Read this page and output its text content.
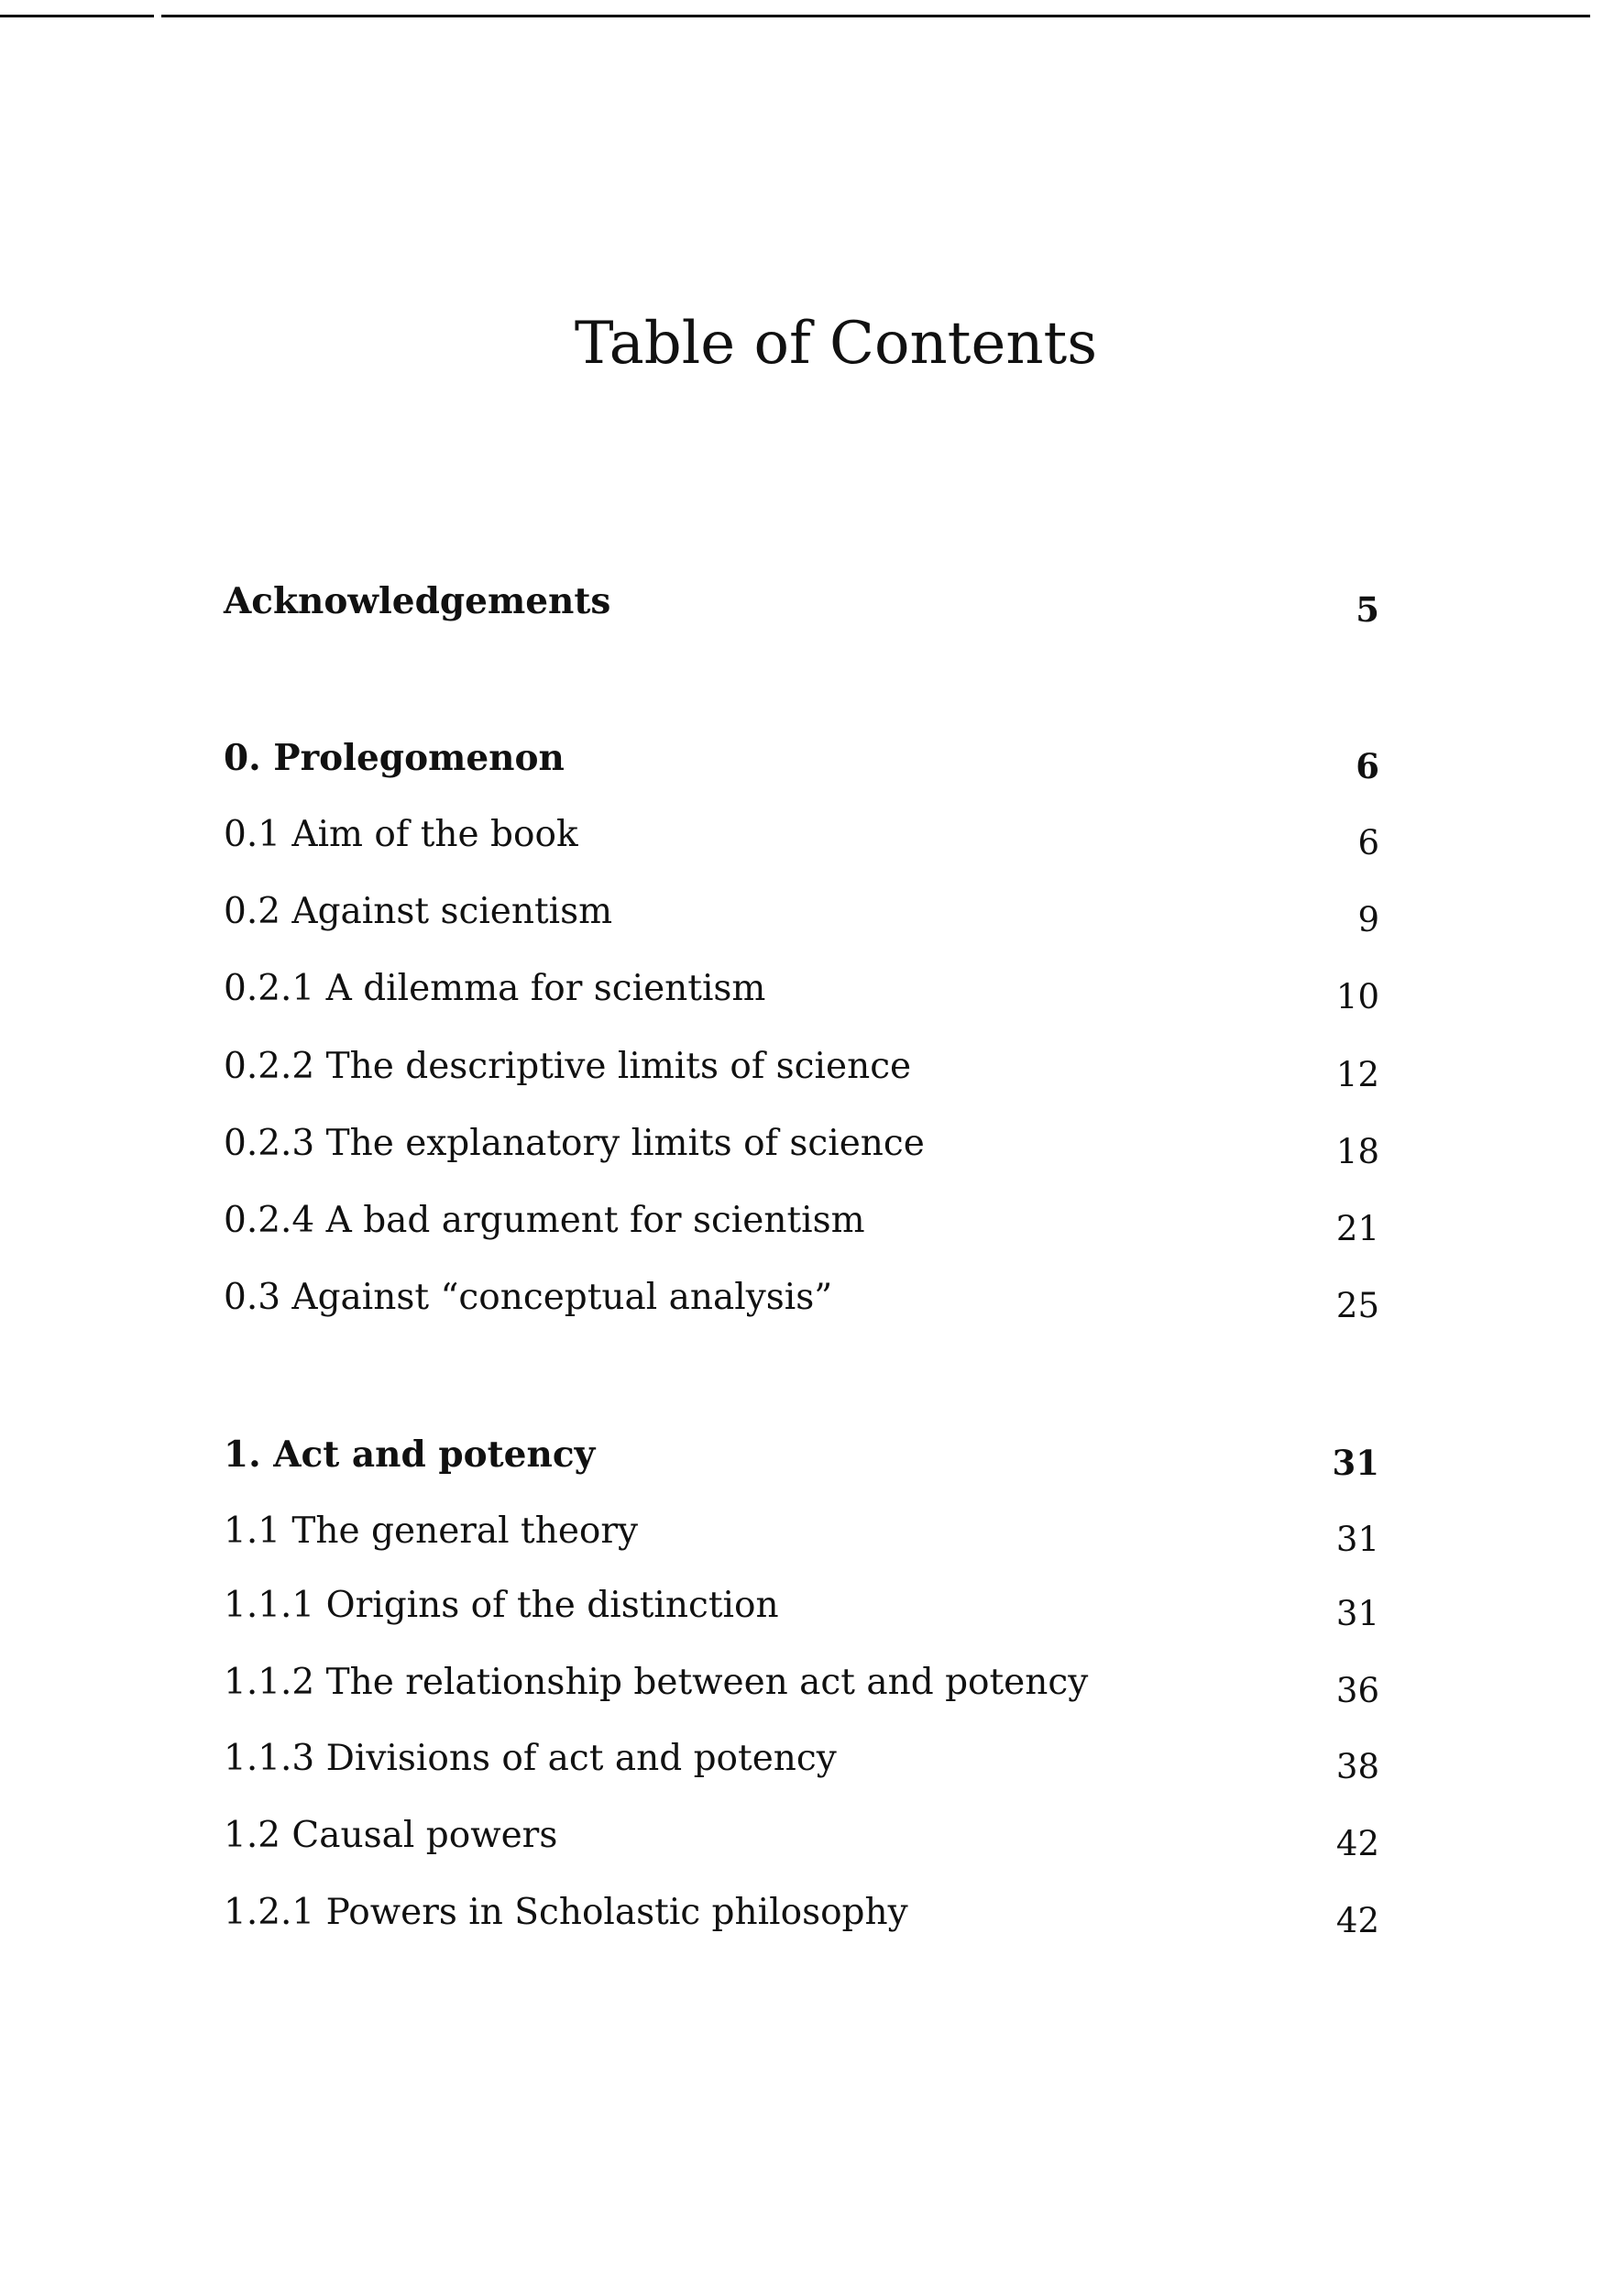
Table of Contents
Acknowledgements	5
0. Prolegomenon	6
0.1 Aim of the book	6
0.2 Against scientism	9
0.2.1 A dilemma for scientism	10
0.2.2 The descriptive limits of science	12
0.2.3 The explanatory limits of science	18
0.2.4 A bad argument for scientism	21
0.3 Against “conceptual analysis”	25
1. Act and potency	31
1.1 The general theory	31
1.1.1 Origins of the distinction	31
1.1.2 The relationship between act and potency	36
1.1.3 Divisions of act and potency	38
1.2 Causal powers	42
1.2.1 Powers in Scholastic philosophy	42
